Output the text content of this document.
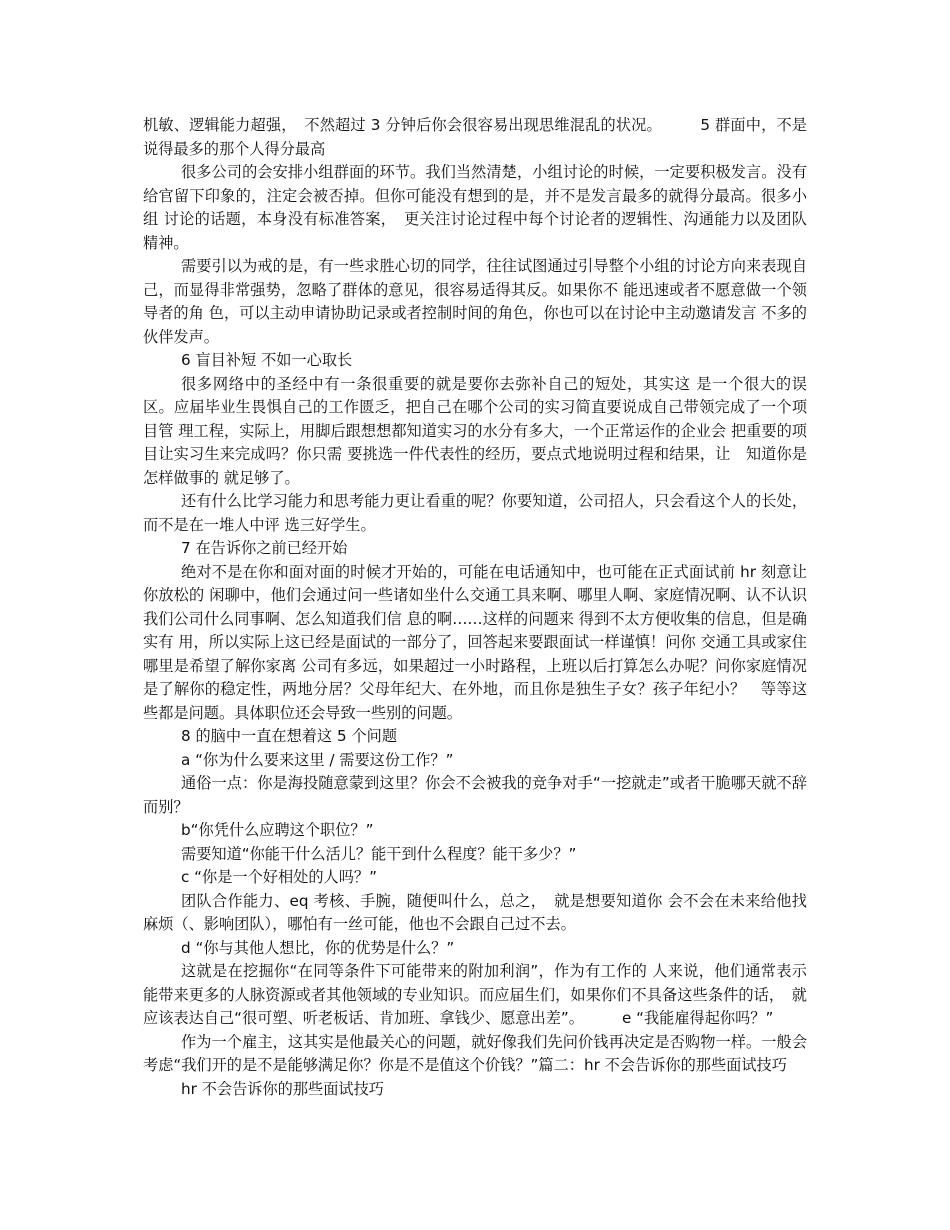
机敏、逻辑能力超强，　不然超过 3 分钟后你会很容易出现思维混乱的状况。　　　5 群面中，不是说得最多的那个人得分最高

很多公司的会安排小组群面的环节。我们当然清楚，小组讨论的时候，一定要积极发言。没有给官留下印象的，注定会被否掉。但你可能没有想到的是，并不是发言最多的就得分最高。很多小组 讨论的话题，本身没有标准答案，　更关注讨论过程中每个讨论者的逻辑性、沟通能力以及团队精神。

需要引以为戒的是，有一些求胜心切的同学，往往试图通过引导整个小组的讨论方向来表现自己，而显得非常强势，忽略了群体的意见，很容易适得其反。如果你不 能迅速或者不愿意做一个领导者的角 色，可以主动申请协助记录或者控制时间的角色，你也可以在讨论中主动邀请发言 不多的伙伴发声。

6 盲目补短 不如一心取长

很多网络中的圣经中有一条很重要的就是要你去弥补自己的短处，其实这 是一个很大的误区。应届毕业生畏惧自己的工作匮乏，把自己在哪个公司的实习简直要说成自己带领完成了一个项目管 理工程，实际上，用脚后跟想想都知道实习的水分有多大，一个正常运作的企业会 把重要的项目让实习生来完成吗？你只需 要挑选一件代表性的经历，要点式地说明过程和结果，让　知道你是怎样做事的 就足够了。

还有什么比学习能力和思考能力更让看重的呢？你要知道，公司招人，只会看这个人的长处，而不是在一堆人中评 选三好学生。

7 在告诉你之前已经开始

绝对不是在你和面对面的时候才开始的，可能在电话通知中，也可能在正式面试前 hr 刻意让你放松的 闲聊中，他们会通过问一些诸如坐什么交通工具来啊、哪里人啊、家庭情况啊、认不认识我们公司什么同事啊、怎么知道我们信 息的啊……这样的问题来 得到不太方便收集的信息，但是确实有 用，所以实际上这已经是面试的一部分了，回答起来要跟面试一样谨慎！问你 交通工具或家住哪里是希望了解你家离 公司有多远，如果超过一小时路程，上班以后打算怎么办呢？问你家庭情况是了解你的稳定性，两地分居？父母年纪大、在外地，而且你是独生子女？孩子年纪小？　等等这些都是问题。具体职位还会导致一些别的问题。

8 的脑中一直在想着这 5 个问题

a “你为什么要来这里 / 需要这份工作？”

通俗一点：你是海投随意蒙到这里？你会不会被我的竞争对手“一挖就走”或者干脆哪天就不辞而别？

b“你凭什么应聘这个职位？”

需要知道“你能干什么活儿？能干到什么程度？能干多少？”

c “你是一个好相处的人吗？”

团队合作能力、eq 考核、手腕，随便叫什么，总之，　就是想要知道你 会不会在未来给他找麻烦（、影响团队），哪怕有一丝可能，他也不会跟自己过不去。

d “你与其他人想比，你的优势是什么？”

这就是在挖掘你“在同等条件下可能带来的附加利润”，作为有工作的 人来说，他们通常表示能带来更多的人脉资源或者其他领域的专业知识。而应届生们，如果你们不具备这些条件的话，　就应该表达自己“很可塑、听老板话、肯加班、拿钱少、愿意出差”。　　　e “我能雇得起你吗？”

作为一个雇主，这其实是他最关心的问题，就好像我们先问价钱再决定是否购物一样。一般会考虑“我们开的是不是能够满足你？你是不是值这个价钱？”篇二：hr 不会告诉你的那些面试技巧

hr 不会告诉你的那些面试技巧
